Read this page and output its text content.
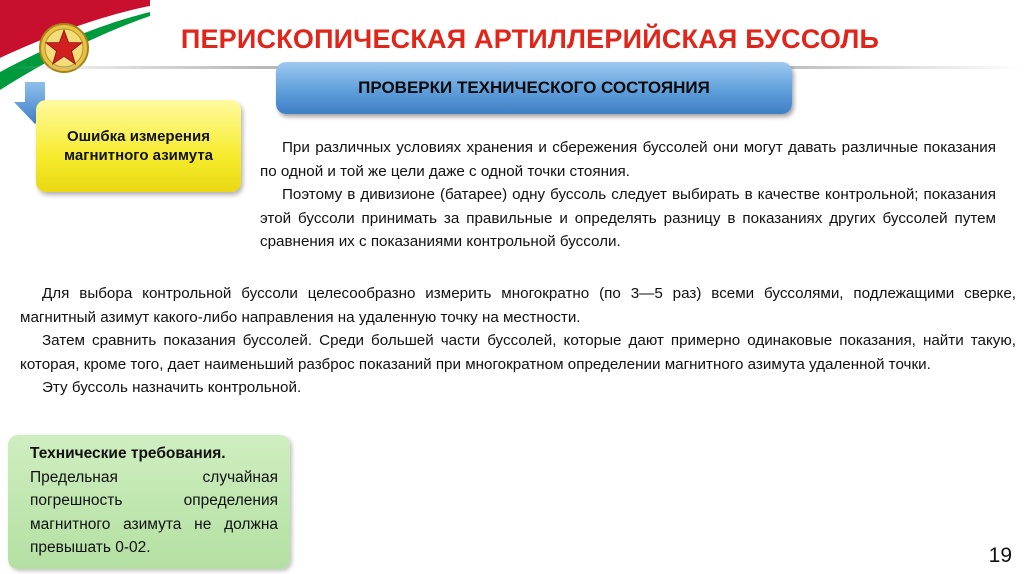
ПЕРИСКОПИЧЕСКАЯ АРТИЛЛЕРИЙСКАЯ БУССОЛЬ
ПРОВЕРКИ ТЕХНИЧЕСКОГО СОСТОЯНИЯ
Ошибка измерения магнитного азимута	При различных условиях хранения и сбережения буссолей они могут давать различные показания по одной и той же цели даже с одной точки стояния.
Поэтому в дивизионе (батарее) одну буссоль следует выбирать в качестве контрольной; показания этой буссоли принимать за правильные и определять разницу в показаниях других буссолей путем сравнения их с показаниями контрольной буссоли.
Для выбора контрольной буссоли целесообразно измерить многократно (по 3—5 раз) всеми буссолями, подлежащими сверке, магнитный азимут какого-либо направления на удаленную точку на местности.
Затем сравнить показания буссолей. Среди большей части буссолей, которые дают примерно одинаковые показания, найти такую, которая, кроме того, дает наименьший разброс показаний при многократном определении магнитного азимута удаленной точки.
Эту буссоль назначить контрольной.
Технические требования.
Предельная случайная погрешность определения магнитного азимута не должна превышать 0-02.	19
